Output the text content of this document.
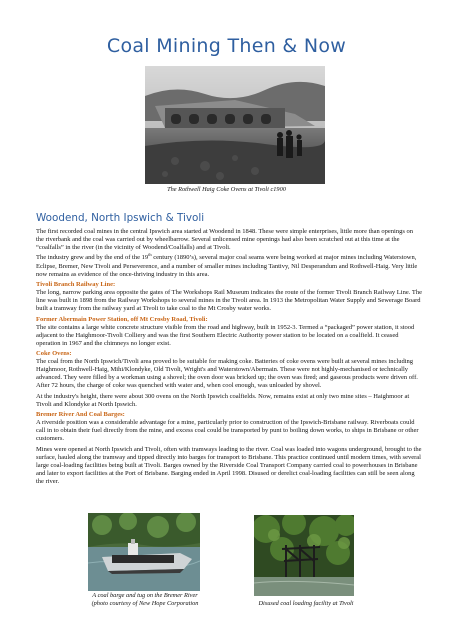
Coal Mining Then & Now
The Rothwell Haig Coke Ovens at Tivoli c1900
Woodend, North Ipswich & Tivoli

The first recorded coal mines in the central Ipswich area started at Woodend in 1848. These were simple enterprises, little more than openings on the riverbank and the coal was carried out by wheelbarrow. Several unlicensed mine openings had also been scratched out at this time at the “coalfalls” in the river (in the vicinity of Woodend/Coalfalls) and at Tivoli.

The industry grew and by the end of the 19th century (1890’s), several major coal seams were being worked at major mines including Waterstown, Eclipse, Bremer, New Tivoli and Perseverence, and a number of smaller mines including Tantivy, Nil Desperandum and Rothwell-Haig. Very little now remains as evidence of the once-thriving industry in this area.

Tivoli Branch Railway Line:

The long, narrow parking area opposite the gates of The Workshops Rail Museum indicates the route of the former Tivoli Branch Railway Line. The line was built in 1898 from the Railway Workshops to several mines in the Tivoli area. In 1913 the Metropolitan Water Supply and Sewerage Board built a tramway from the railway yard at Tivoli to take coal to the Mt Crosby water works.

Former Abermain Power Station, off Mt Crosby Road, Tivoli:

The site contains a large white concrete structure visible from the road and highway, built in 1952-3. Termed a “packaged” power station, it stood adjacent to the Haighmoor-Tivoli Colliery and was the first Southern Electric Authority power station to be located on a coalfield. It ceased operation in 1967 and the chimneys no longer exist.

Coke Ovens:

The coal from the North Ipswich/Tivoli area proved to be suitable for making coke. Batteries of coke ovens were built at several mines including Haighmoor, Rothwell-Haig, Mihi/Klondyke, Old Tivoli, Wright's and Waterstown/Abermain. These were not highly-mechanised or technically advanced. They were filled by a workman using a shovel; the oven door was bricked up; the oven was fired; and gaseous products were driven off. After 72 hours, the charge of coke was quenched with water and, when cool enough, was unloaded by shovel.

At the industry's height, there were about 300 ovens on the North Ipswich coalfields. Now, remains exist at only two mine sites – Haighmoor at Tivoli and Klondyke at North Ipswich.

Bremer River And Coal Barges:

A riverside position was a considerable advantage for a mine, particularly prior to construction of the Ipswich-Brisbane railway. Riverboats could call in to obtain their fuel directly from the mine, and excess coal could be transported by punt to boiling down works, to ships in Brisbane or other customers.

Mines were opened at North Ipswich and Tivoli, often with tramways leading to the river. Coal was loaded into wagons underground, brought to the surface, hauled along the tramway and tipped directly into barges for transport to Brisbane. This practice continued until modern times, with several large coal-loading facilities being built at Tivoli. Barges owned by the Riverside Coal Transport Company carried coal to powerhouses in Brisbane and later to export facilities at the Port of Brisbane. Barging ended in April 1998. Disused or derelict coal-loading facilities can still be seen along the river.

A coal barge and tug on the Bremer River
(photo courtesy of New Hope Corporation	Disused coal loading facility at Tivoli
